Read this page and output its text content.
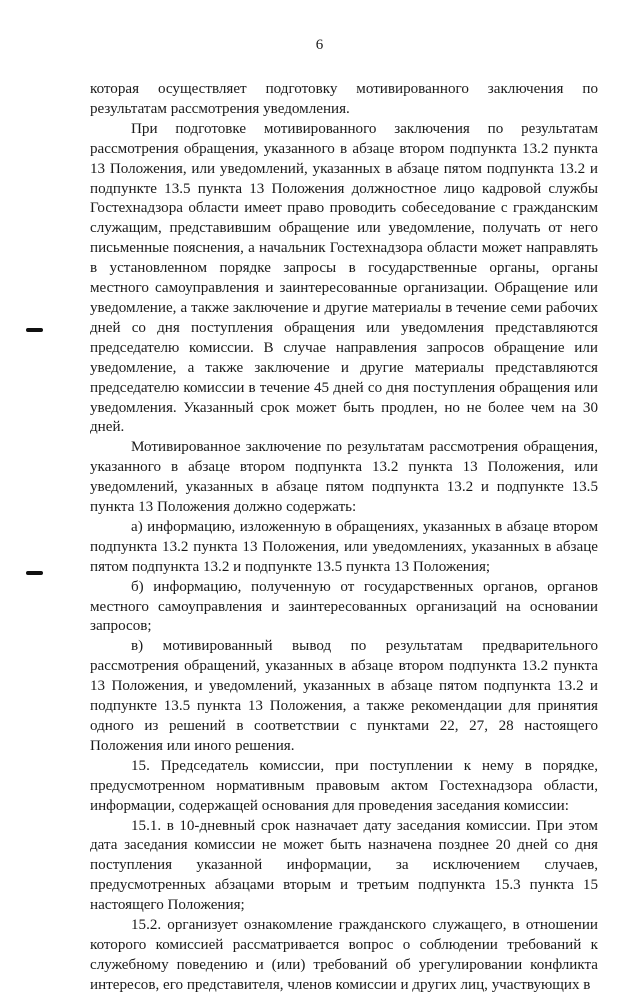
6

которая осуществляет подготовку мотивированного заключения по результатам рассмотрения уведомления.

При подготовке мотивированного заключения по результатам рассмотрения обращения, указанного в абзаце втором подпункта 13.2 пункта 13 Положения, или уведомлений, указанных в абзаце пятом подпункта 13.2 и подпункте 13.5 пункта 13 Положения должностное лицо кадровой службы Гостехнадзора области имеет право проводить собеседование с гражданским служащим, представившим обращение или уведомление, получать от него письменные пояснения, а начальник Гостехнадзора области может направлять в установленном порядке запросы в государственные органы, органы местного самоуправления и заинтересованные организации. Обращение или уведомление, а также заключение и другие материалы в течение семи рабочих дней со дня поступления обращения или уведомления представляются председателю комиссии. В случае направления запросов обращение или уведомление, а также заключение и другие материалы представляются председателю комиссии в течение 45 дней со дня поступления обращения или уведомления. Указанный срок может быть продлен, но не более чем на 30 дней.

Мотивированное заключение по результатам рассмотрения обращения, указанного в абзаце втором подпункта 13.2 пункта 13 Положения, или уведомлений, указанных в абзаце пятом подпункта 13.2 и подпункте 13.5 пункта 13 Положения должно содержать:

а) информацию, изложенную в обращениях, указанных в абзаце втором подпункта 13.2 пункта 13 Положения, или уведомлениях, указанных в абзаце пятом подпункта 13.2 и подпункте 13.5 пункта 13 Положения;

б) информацию, полученную от государственных органов, органов местного самоуправления и заинтересованных организаций на основании запросов;

в) мотивированный вывод по результатам предварительного рассмотрения обращений, указанных в абзаце втором подпункта 13.2 пункта 13 Положения, и уведомлений, указанных в абзаце пятом подпункта 13.2 и подпункте 13.5 пункта 13 Положения, а также рекомендации для принятия одного из решений в соответствии с пунктами 22, 27, 28 настоящего Положения или иного решения.

15. Председатель комиссии, при поступлении к нему в порядке, предусмотренном нормативным правовым актом Гостехнадзора области, информации, содержащей основания для проведения заседания комиссии:

15.1. в 10-дневный срок назначает дату заседания комиссии. При этом дата заседания комиссии не может быть назначена позднее 20 дней со дня поступления указанной информации, за исключением случаев, предусмотренных абзацами вторым и третьим подпункта 15.3 пункта 15 настоящего Положения;

15.2. организует ознакомление гражданского служащего, в отношении которого комиссией рассматривается вопрос о соблюдении требований к служебному поведению и (или) требований об урегулировании конфликта интересов, его представителя, членов комиссии и других лиц, участвующих в
